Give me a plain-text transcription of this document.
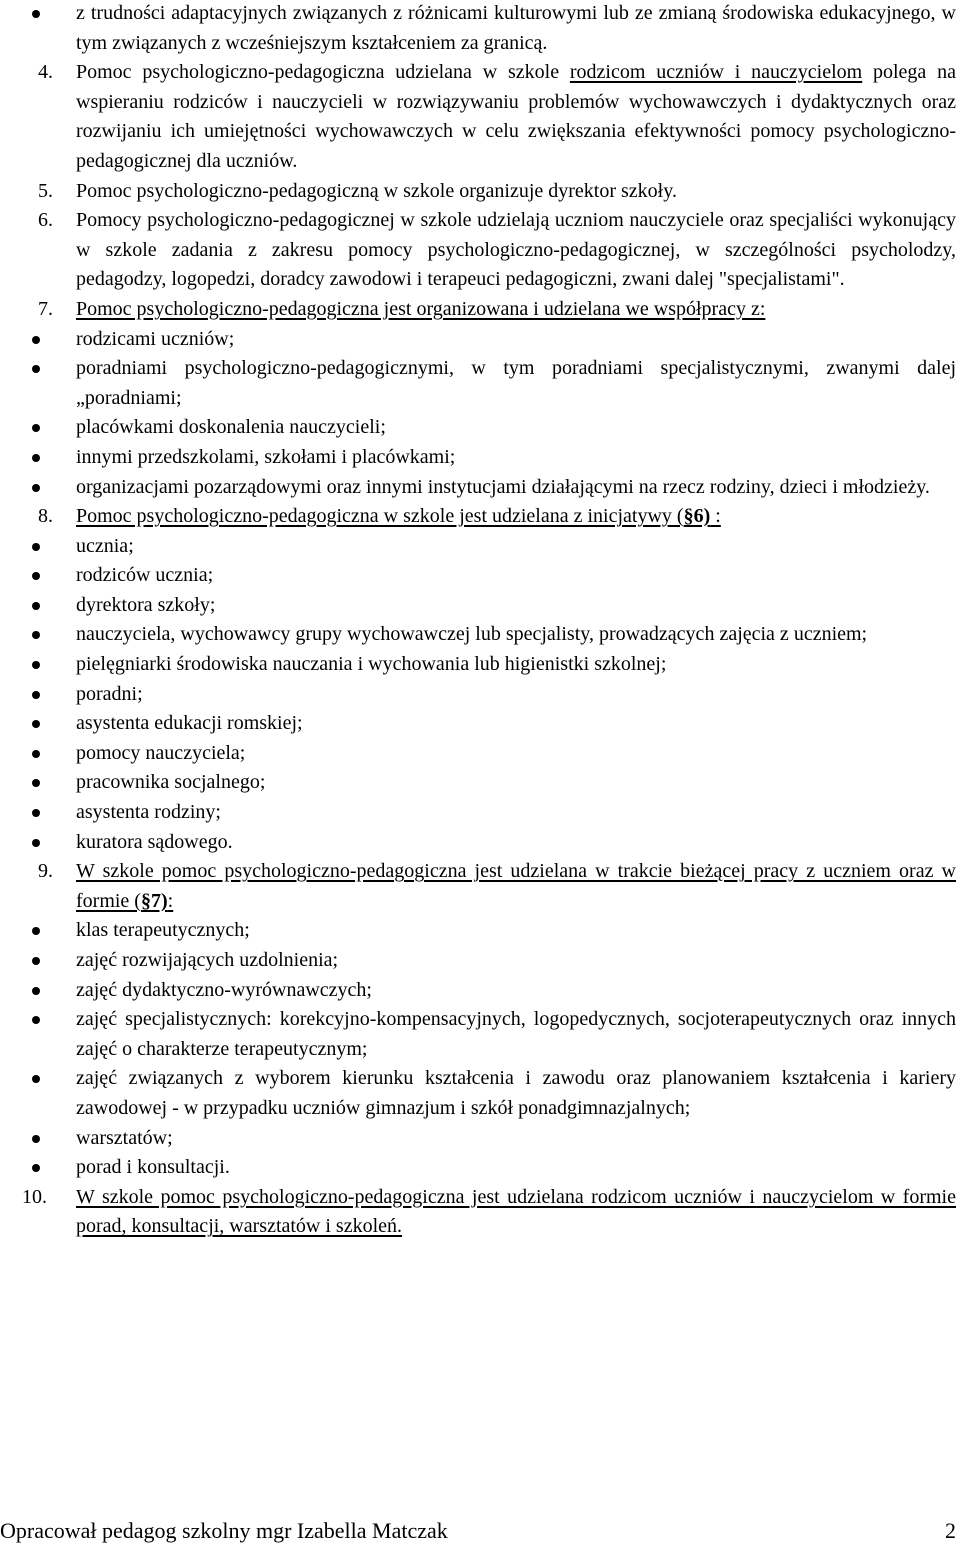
z trudności adaptacyjnych związanych z różnicami kulturowymi lub ze zmianą środowiska edukacyjnego, w tym związanych z wcześniejszym kształceniem za granicą.

4. Pomoc psychologiczno-pedagogiczna udzielana w szkole rodzicom uczniów i nauczycielom polega na wspieraniu rodziców i nauczycieli w rozwiązywaniu problemów wychowawczych i dydaktycznych oraz rozwijaniu ich umiejętności wychowawczych w celu zwiększania efektywności pomocy psychologiczno-pedagogicznej dla uczniów.

5. Pomoc psychologiczno-pedagogiczną w szkole organizuje dyrektor szkoły.

6. Pomocy psychologiczno-pedagogicznej w szkole udzielają uczniom nauczyciele oraz specjaliści wykonujący w szkole zadania z zakresu pomocy psychologiczno-pedagogicznej, w szczególności psycholodzy, pedagodzy, logopedzi, doradcy zawodowi i terapeuci pedagogiczni, zwani dalej "specjalistami".

7. Pomoc psychologiczno-pedagogiczna jest organizowana i udzielana we współpracy z:

rodzicami uczniów;

poradniami psychologiczno-pedagogicznymi, w tym poradniami specjalistycznymi, zwanymi dalej „poradniami;

placówkami doskonalenia nauczycieli;

innymi przedszkolami, szkołami i placówkami;

organizacjami pozarządowymi oraz innymi instytucjami działającymi na rzecz rodziny, dzieci i młodzieży.

8. Pomoc psychologiczno-pedagogiczna w szkole jest udzielana z inicjatywy (§6) :

ucznia;

rodziców ucznia;

dyrektora szkoły;

nauczyciela, wychowawcy grupy wychowawczej lub specjalisty, prowadzących zajęcia z uczniem;

pielęgniarki środowiska nauczania i wychowania lub higienistki szkolnej;

poradni;

asystenta edukacji romskiej;

pomocy nauczyciela;

pracownika socjalnego;

asystenta rodziny;

kuratora sądowego.

9. W szkole pomoc psychologiczno-pedagogiczna jest udzielana w trakcie bieżącej pracy z uczniem oraz w formie (§7):

klas terapeutycznych;

zajęć rozwijających uzdolnienia;

zajęć dydaktyczno-wyrównawczych;

zajęć specjalistycznych: korekcyjno-kompensacyjnych, logopedycznych, socjoterapeutycznych oraz innych zajęć o charakterze terapeutycznym;

zajęć związanych z wyborem kierunku kształcenia i zawodu oraz planowaniem kształcenia i kariery zawodowej - w przypadku uczniów gimnazjum i szkół ponadgimnazjalnych;

warsztatów;

porad i konsultacji.

10. W szkole pomoc psychologiczno-pedagogiczna jest udzielana rodzicom uczniów i nauczycielom w formie porad, konsultacji, warsztatów i szkoleń.

Opracował pedagog szkolny mgr Izabella Matczak	2
